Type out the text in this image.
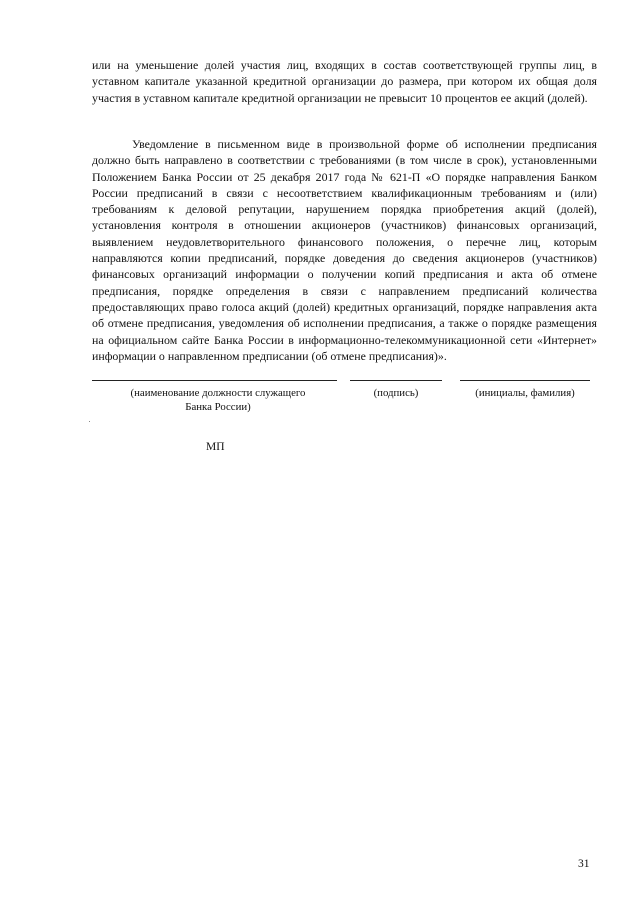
или на уменьшение долей участия лиц, входящих в состав соответствующей группы лиц, в уставном капитале указанной кредитной организации до размера, при котором их общая доля участия в уставном капитале кредитной организации не превысит 10 процентов ее акций (долей).

Уведомление в письменном виде в произвольной форме об исполнении предписания должно быть направлено в соответствии с требованиями (в том числе в срок), установленными Положением Банка России от 25 декабря 2017 года № 621-П «О порядке направления Банком России предписаний в связи с несоответствием квалификационным требованиям и (или) требованиям к деловой репутации, нарушением порядка приобретения акций (долей), установления контроля в отношении акционеров (участников) финансовых организаций, выявлением неудовлетворительного финансового положения, о перечне лиц, которым направляются копии предписаний, порядке доведения до сведения акционеров (участников) финансовых организаций информации о получении копий предписания и акта об отмене предписания, порядке определения в связи с направлением предписаний количества предоставляющих право голоса акций (долей) кредитных организаций, порядке направления акта об отмене предписания, уведомления об исполнении предписания, а также о порядке размещения на официальном сайте Банка России в информационно-телекоммуникационной сети «Интернет» информации о направленном предписании (об отмене предписания)».

(наименование должности служащего
Банка России)
(подпись)	(инициалы, фамилия)

МП

31
